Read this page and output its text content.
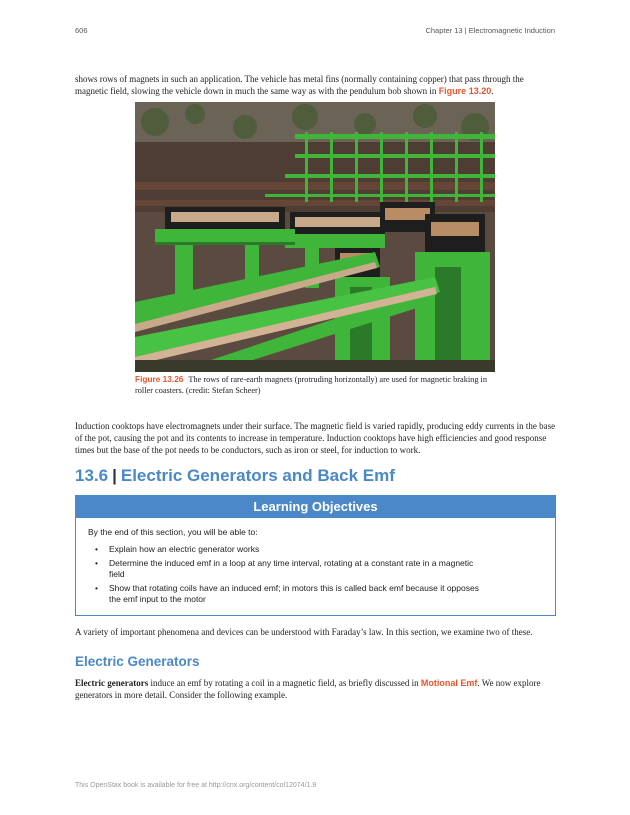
606	Chapter 13 | Electromagnetic Induction
shows rows of magnets in such an application. The vehicle has metal fins (normally containing copper) that pass through the magnetic field, slowing the vehicle down in much the same way as with the pendulum bob shown in Figure 13.20.
Figure 13.26 The rows of rare-earth magnets (protruding horizontally) are used for magnetic braking in roller coasters. (credit: Stefan Scheer)
Induction cooktops have electromagnets under their surface. The magnetic field is varied rapidly, producing eddy currents in the base of the pot, causing the pot and its contents to increase in temperature. Induction cooktops have high efficiencies and good response times but the base of the pot needs to be conductors, such as iron or steel, for induction to work.
13.6 | Electric Generators and Back Emf
Learning Objectives
By the end of this section, you will be able to:
• Explain how an electric generator works
• Determine the induced emf in a loop at any time interval, rotating at a constant rate in a magnetic field
• Show that rotating coils have an induced emf; in motors this is called back emf because it opposes the emf input to the motor
A variety of important phenomena and devices can be understood with Faraday’s law. In this section, we examine two of these.
Electric Generators
Electric generators induce an emf by rotating a coil in a magnetic field, as briefly discussed in Motional Emf. We now explore generators in more detail. Consider the following example.
This OpenStax book is available for free at http://cnx.org/content/col12074/1.9
